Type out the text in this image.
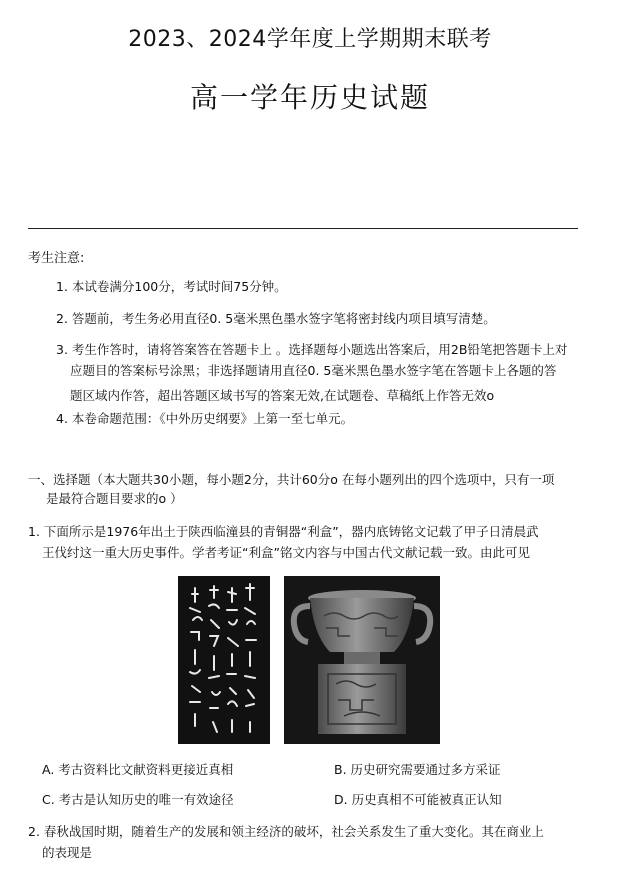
2023、2024学年度上学期期末联考
高一学年历史试题
考生注意:
1. 本试卷满分100分，考试时间75分钟。
2. 答题前，考生务必用直径0. 5毫米黑色墨水签字笔将密封线内项目填写清楚。
3. 考生作答时，请将答案答在答题卡上 。选择题每小题选出答案后，用2B铅笔把答题卡上对
应题目的答案标号涂黑；非选择题请用直径0. 5毫米黑色墨水签字笔在答题卡上各题的答
题区域内作答，超出答题区域书写的答案无效,在试题卷、草稿纸上作答无效o
4. 本卷命题范围：《中外历史纲要》上第一至七单元。
一、选择题（本大题共30小题，每小题2分，共计60分o 在每小题列出的四个选项中，只有一项
是最符合题目要求的o ）
1. 下面所示是1976年出土于陕西临潼县的青铜器“利盒”，器内底铸铭文记载了甲子日清晨武
王伐纣这一重大历史事件。学者考证“利盒”铭文内容与中国古代文献记载一致。由此可见
A. 考古资料比文献资料更接近真相	B. 历史研究需要通过多方采证
C. 考古是认知历史的唯一有效途径	D. 历史真相不可能被真正认知
2. 春秋战国时期，随着生产的发展和领主经济的破坏，社会关系发生了重大变化。其在商业上
的表现是
